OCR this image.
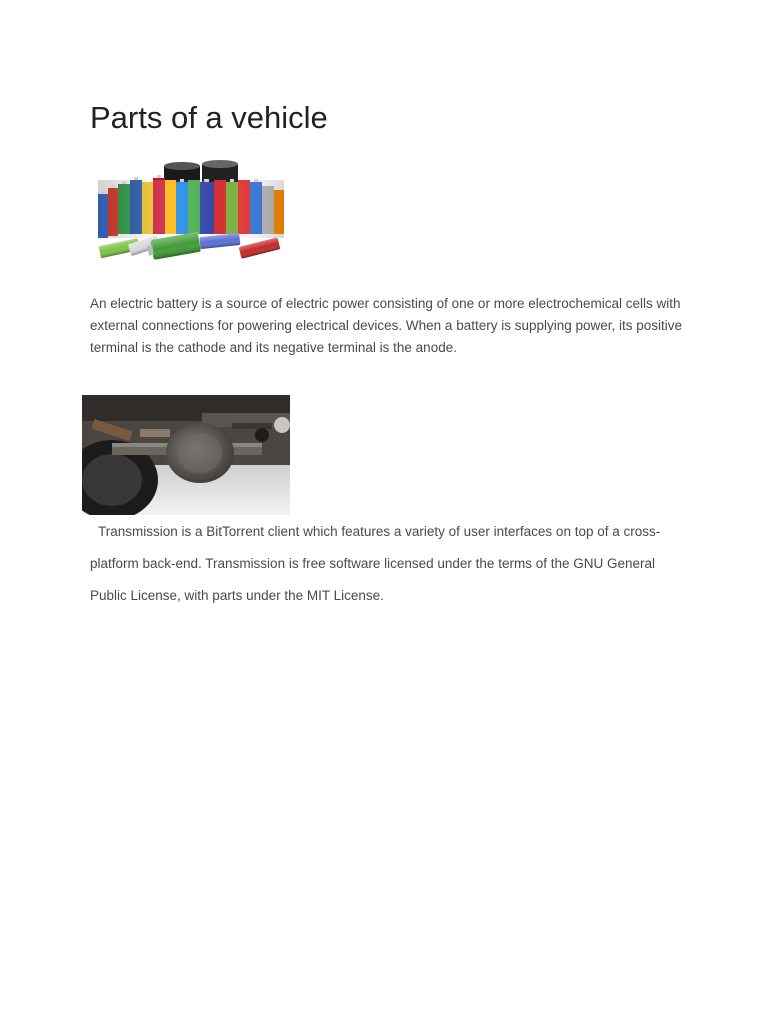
Parts of a vehicle

An electric battery is a source of electric power consisting of one or more electrochemical cells with external connections for powering electrical devices. When a battery is supplying power, its positive terminal is the cathode and its negative terminal is the anode.

Transmission is a BitTorrent client which features a variety of user interfaces on top of a cross-platform back-end. Transmission is free software licensed under the terms of the GNU General Public License, with parts under the MIT License.
